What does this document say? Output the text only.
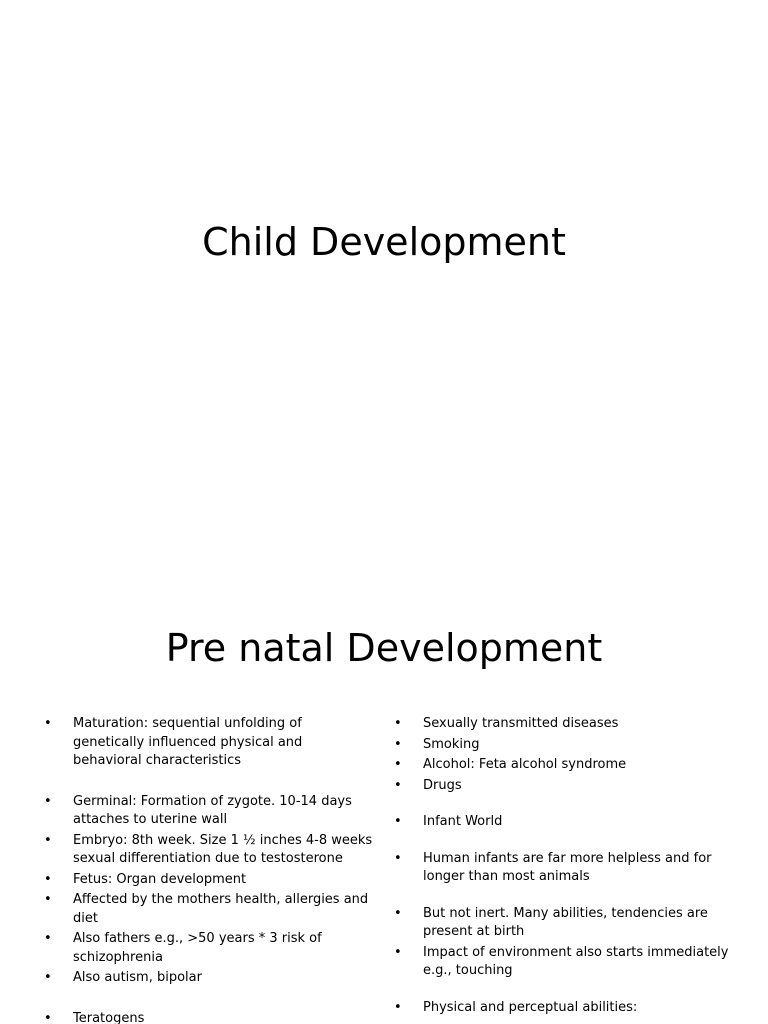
Child Development
Pre natal Development
•	Maturation: sequential unfolding of genetically influenced physical and behavioral characteristics
•	Germinal: Formation of zygote. 10-14 days attaches to uterine wall
•	Embryo: 8th week. Size 1 ½ inches 4-8 weeks sexual differentiation due to testosterone
•	Fetus: Organ development
•	Affected by the mothers health, allergies and diet
•	Also fathers e.g., >50 years * 3 risk of schizophrenia
•	Also autism, bipolar
•	Teratogens
•	Sexually transmitted diseases
•	Smoking
•	Alcohol: Feta alcohol syndrome
•	Drugs
•	Infant World
•	Human infants are far more helpless and for longer than most animals
•	But not inert. Many abilities, tendencies are present at birth
•	Impact of environment also starts immediately e.g., touching
•	Physical and perceptual abilities:
